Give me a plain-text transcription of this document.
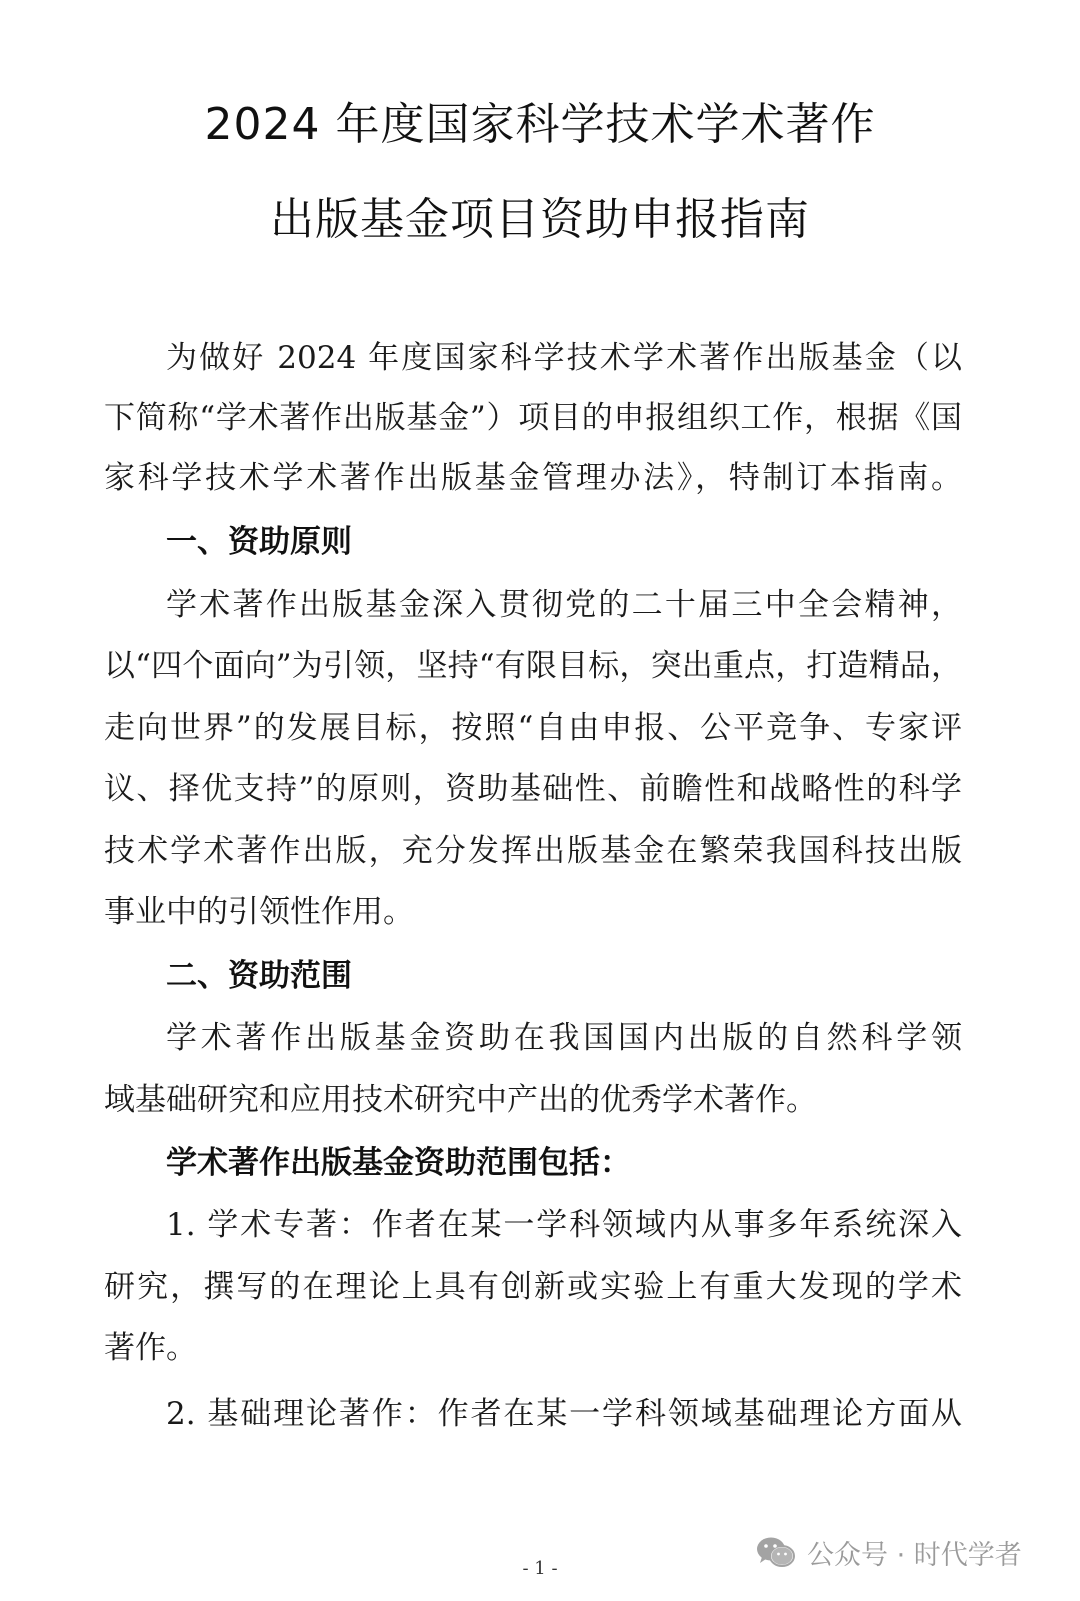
2024 年度国家科学技术学术著作
出版基金项目资助申报指南
为做好 2024 年度国家科学技术学术著作出版基金（以
下简称“学术著作出版基金”）项目的申报组织工作，根据《国
家科学技术学术著作出版基金管理办法》，特制订本指南。
一、资助原则
学术著作出版基金深入贯彻党的二十届三中全会精神，
以“四个面向”为引领，坚持“有限目标，突出重点，打造精品，
走向世界”的发展目标，按照“自由申报、公平竞争、专家评
议、择优支持”的原则，资助基础性、前瞻性和战略性的科学
技术学术著作出版，充分发挥出版基金在繁荣我国科技出版
事业中的引领性作用。
二、资助范围
学术著作出版基金资助在我国国内出版的自然科学领
域基础研究和应用技术研究中产出的优秀学术著作。
学术著作出版基金资助范围包括：
1. 学术专著：作者在某一学科领域内从事多年系统深入
研究，撰写的在理论上具有创新或实验上有重大发现的学术
著作。
2. 基础理论著作：作者在某一学科领域基础理论方面从
公众号 · 时代学者
- 1 -
